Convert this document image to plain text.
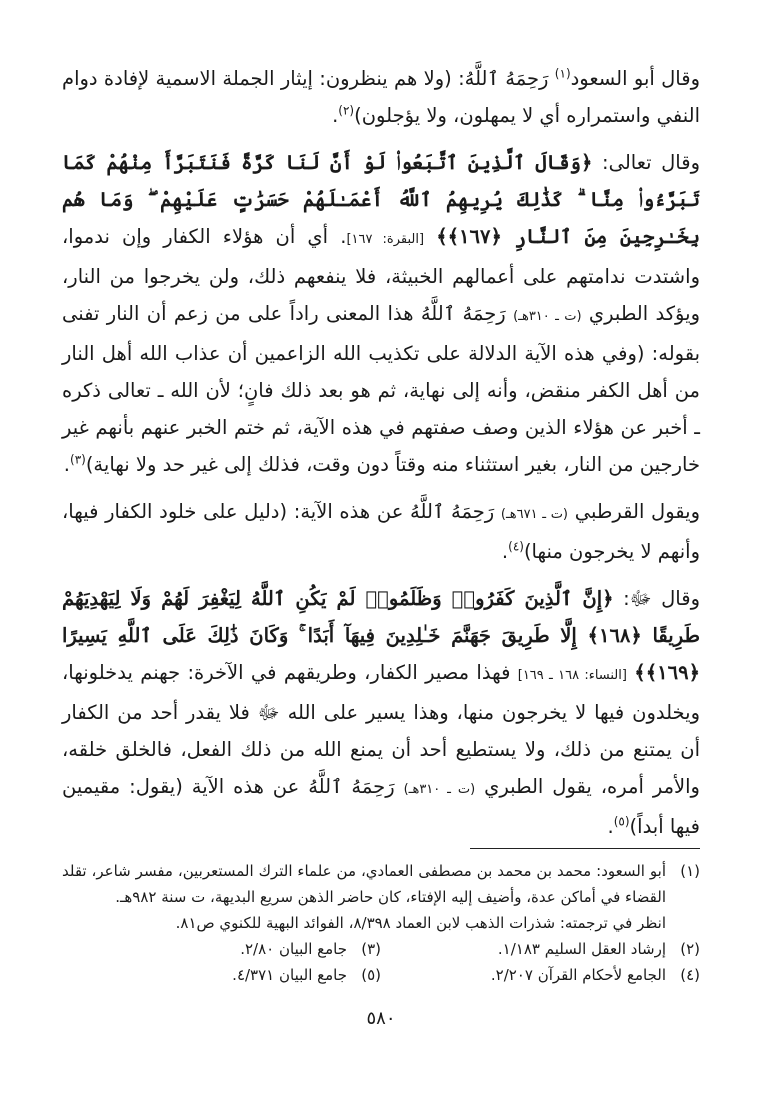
وقال أبو السعود$^{(١)}$ رَحِمَهُ ٱللَّهُ: (ولا هم ينظرون: إيثار الجملة الاسمية لإفادة دوام النفي واستمراره أي لا يمهلون، ولا يؤجلون)$^{(٢)}$.

وقال تعالى: ﴿وَقَالَ ٱلَّذِينَ ٱتَّبَعُوا۟ لَوْ أَنَّ لَنَا كَرَّةً فَنَتَبَرَّأَ مِنْهُمْ كَمَا تَبَرَّءُوا۟ مِنَّا ۗ كَذَٰلِكَ يُرِيهِمُ ٱللَّهُ أَعْمَـٰلَهُمْ حَسَرَٰتٍ عَلَيْهِمْ ۖ وَمَا هُم بِخَـٰرِجِينَ مِنَ ٱلنَّارِ ﴿١٦٧﴾﴾ [البقرة: ١٦٧]. أي أن هؤلاء الكفار وإن ندموا، واشتدت ندامتهم على أعمالهم الخبيثة، فلا ينفعهم ذلك، ولن يخرجوا من النار، ويؤكد الطبري (ت ـ ٣١٠هـ) رَحِمَهُ ٱللَّهُ هذا المعنى راداً على من زعم أن النار تفنى بقوله: (وفي هذه الآية الدلالة على تكذيب الله الزاعمين أن عذاب الله أهل النار من أهل الكفر منقض، وأنه إلى نهاية، ثم هو بعد ذلك فانٍ؛ لأن الله ـ تعالى ذكره ـ أخبر عن هؤلاء الذين وصف صفتهم في هذه الآية، ثم ختم الخبر عنهم بأنهم غير خارجين من النار، بغير استثناء منه وقتاً دون وقت، فذلك إلى غير حد ولا نهاية)$^{(٣)}$.

ويقول القرطبي (ت ـ ٦٧١هـ) رَحِمَهُ ٱللَّهُ عن هذه الآية: (دليل على خلود الكفار فيها، وأنهم لا يخرجون منها)$^{(٤)}$.

وقال ﷻ: ﴿إِنَّ ٱلَّذِينَ كَفَرُوا۟ وَظَلَمُوا۟ لَمْ يَكُنِ ٱللَّهُ لِيَغْفِرَ لَهُمْ وَلَا لِيَهْدِيَهُمْ طَرِيقًا ﴿١٦٨﴾ إِلَّا طَرِيقَ جَهَنَّمَ خَـٰلِدِينَ فِيهَآ أَبَدًا ۚ وَكَانَ ذَٰلِكَ عَلَى ٱللَّهِ يَسِيرًا ﴿١٦٩﴾﴾ [النساء: ١٦٨ ـ ١٦٩] فهذا مصير الكفار، وطريقهم في الآخرة: جهنم يدخلونها، ويخلدون فيها لا يخرجون منها، وهذا يسير على الله ﷻ فلا يقدر أحد من الكفار أن يمتنع من ذلك، ولا يستطيع أحد أن يمنع الله من ذلك الفعل، فالخلق خلقه، والأمر أمره، يقول الطبري (ت ـ ٣١٠هـ) رَحِمَهُ ٱللَّهُ عن هذه الآية (يقول: مقيمين فيها أبداً)$^{(٥)}$.

(١)
أبو السعود: محمد بن محمد بن مصطفى العمادي، من علماء الترك المستعربين، مفسر شاعر، تقلد القضاء في أماكن عدة، وأضيف إليه الإفتاء، كان حاضر الذهن سريع البديهة، ت سنة ٩٨٢هـ.
انظر في ترجمته: شذرات الذهب لابن العماد ٨/٣٩٨، الفوائد البهية للكنوي ص٨١.
(٢)
إرشاد العقل السليم ١/١٨٣.
(٣)
جامع البيان ٢/٨٠.
(٤)
الجامع لأحكام القرآن ٢/٢٠٧.
(٥)
جامع البيان ٤/٣٧١.
٥٨٠
